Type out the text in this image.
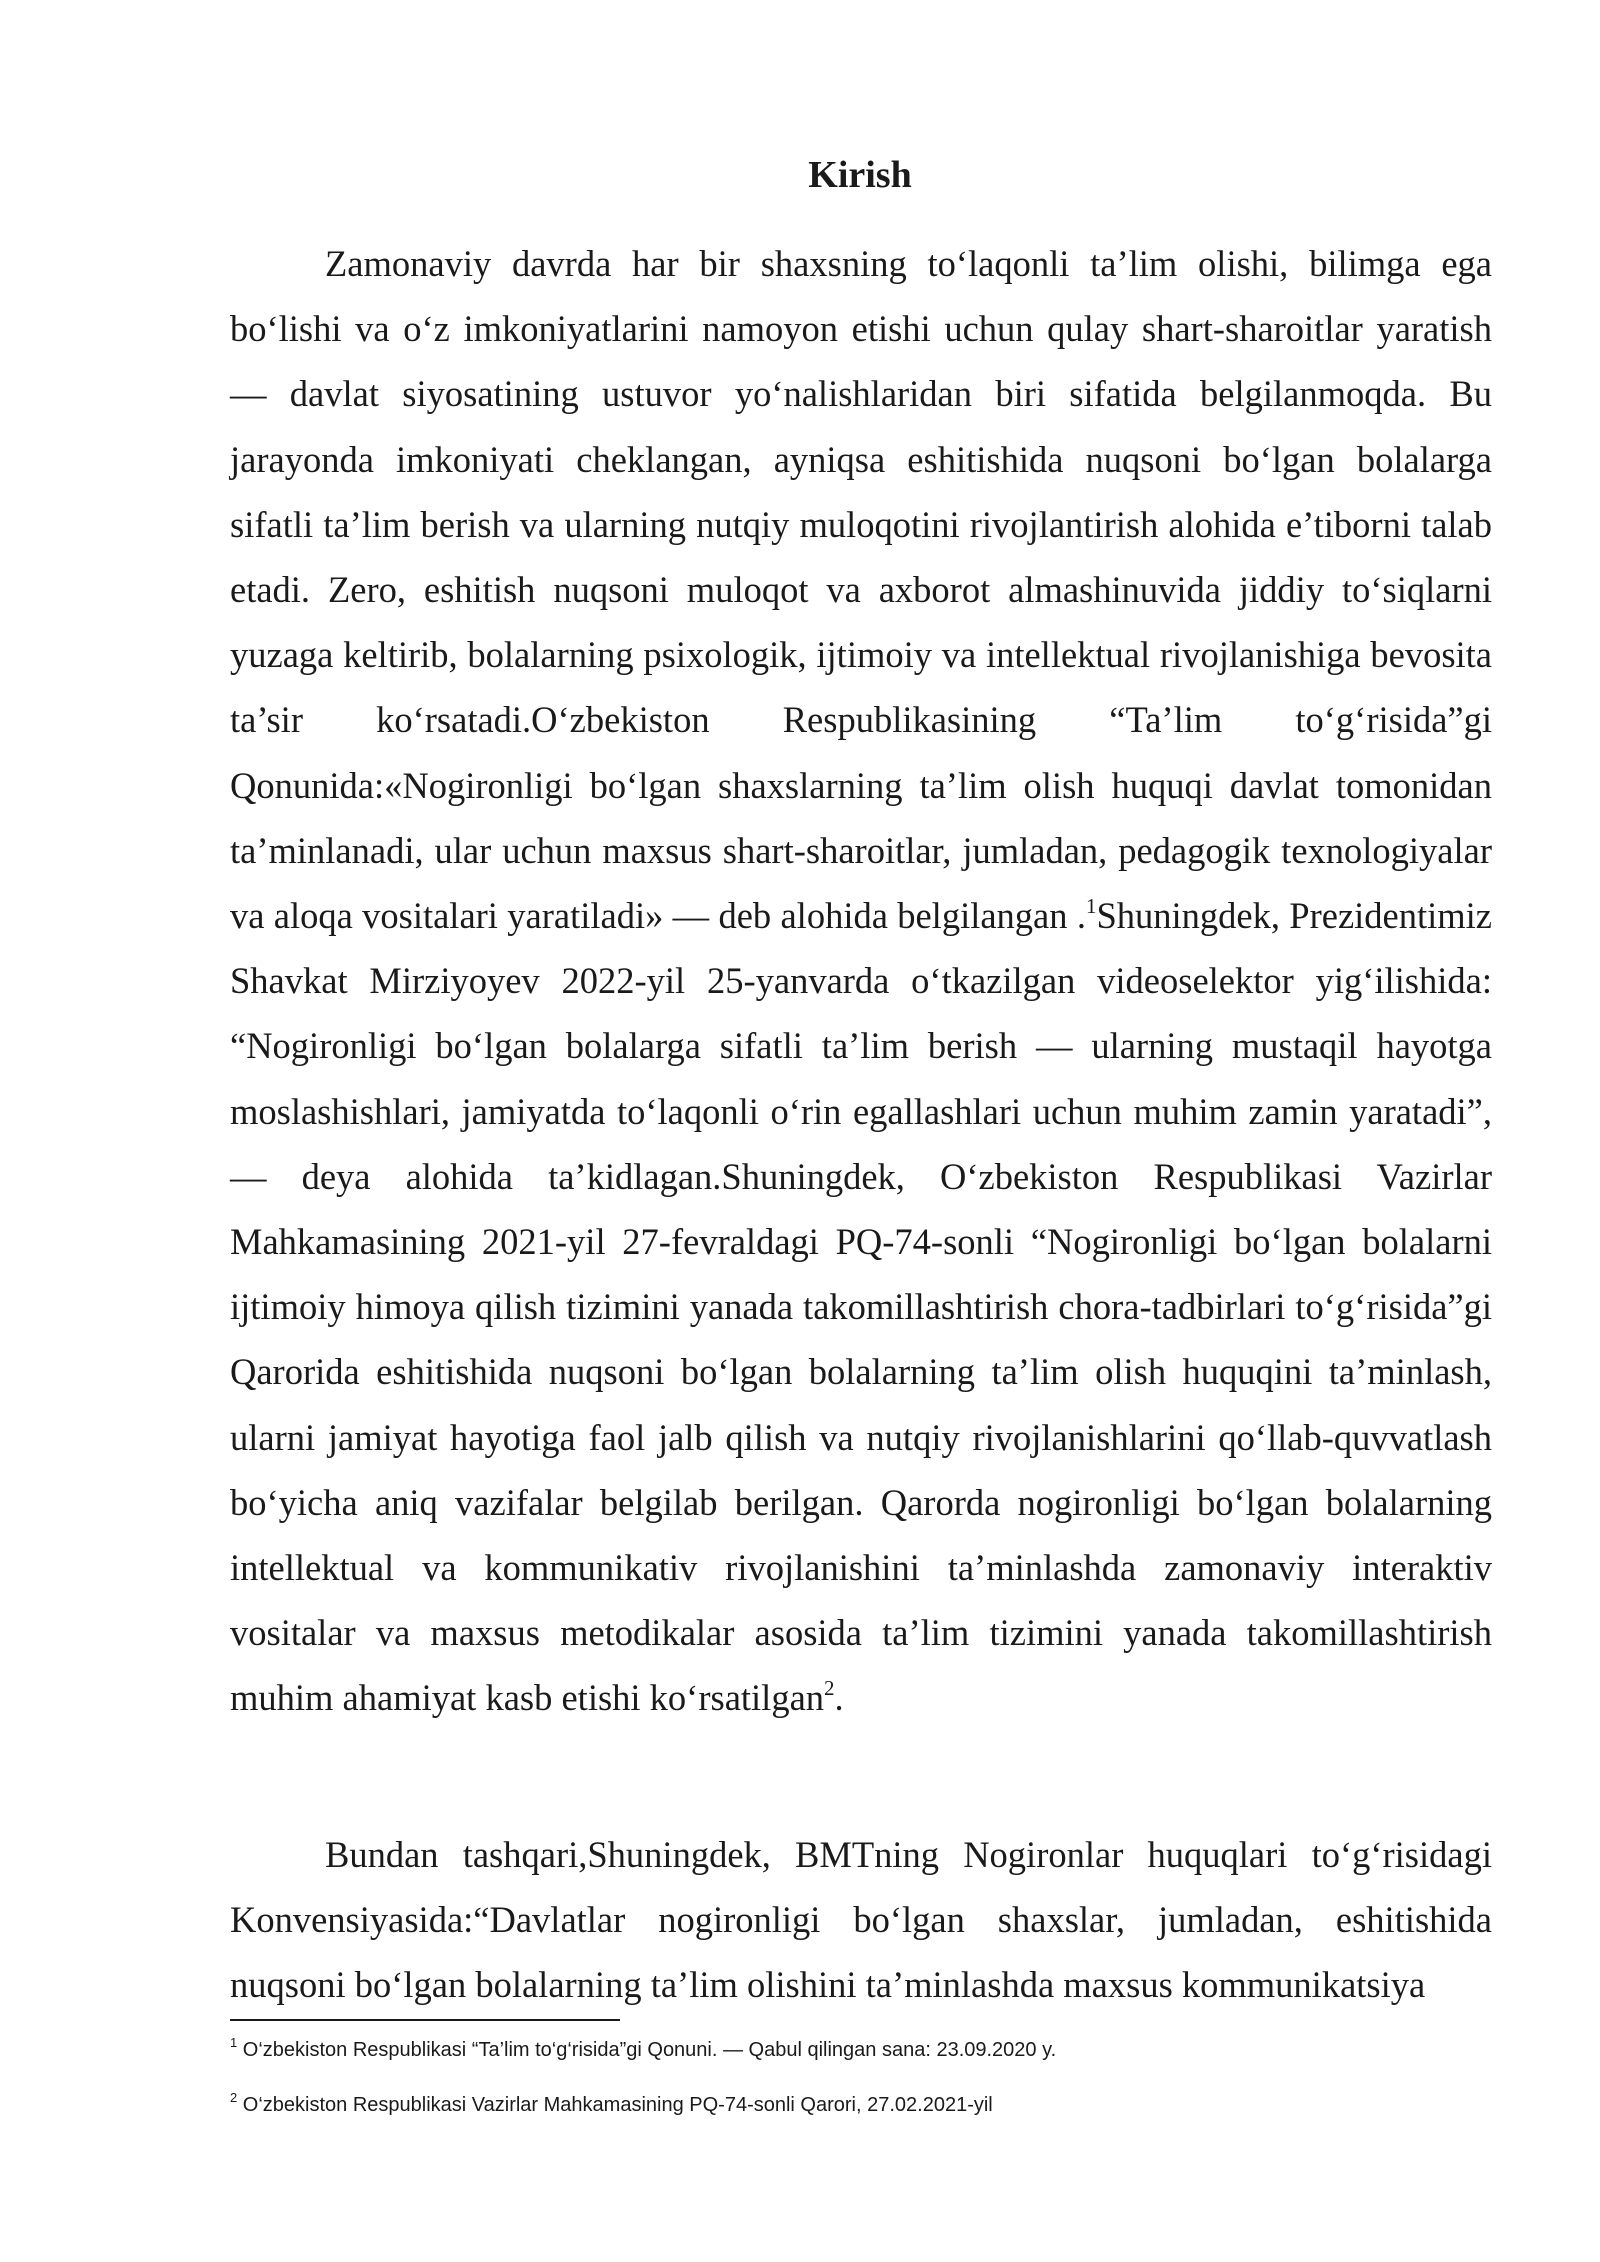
Kirish

Zamonaviy davrda har bir shaxsning to‘laqonli ta’lim olishi, bilimga ega bo‘lishi va o‘z imkoniyatlarini namoyon etishi uchun qulay shart-sharoitlar yaratish — davlat siyosatining ustuvor yo‘nalishlaridan biri sifatida belgilanmoqda. Bu jarayonda imkoniyati cheklangan, ayniqsa eshitishida nuqsoni bo‘lgan bolalarga sifatli ta’lim berish va ularning nutqiy muloqotini rivojlantirish alohida e’tiborni talab etadi. Zero, eshitish nuqsoni muloqot va axborot almashinuvida jiddiy to‘siqlarni yuzaga keltirib, bolalarning psixologik, ijtimoiy va intellektual rivojlanishiga bevosita ta’sir ko‘rsatadi.O‘zbekiston Respublikasining “Ta’lim to‘g‘risida”gi Qonunida:«Nogironligi bo‘lgan shaxslarning ta’lim olish huquqi davlat tomonidan ta’minlanadi, ular uchun maxsus shart-sharoitlar, jumladan, pedagogik texnologiyalar va aloqa vositalari yaratiladi» — deb alohida belgilangan .$^1$Shuningdek, Prezidentimiz Shavkat Mirziyoyev 2022-yil 25-yanvarda o‘tkazilgan videoselektor yig‘ilishida: “Nogironligi bo‘lgan bolalarga sifatli ta’lim berish — ularning mustaqil hayotga moslashishlari, jamiyatda to‘laqonli o‘rin egallashlari uchun muhim zamin yaratadi”, — deya alohida ta’kidlagan.Shuningdek, O‘zbekiston Respublikasi Vazirlar Mahkamasining 2021-yil 27-fevraldagi PQ-74-sonli “Nogironligi bo‘lgan bolalarni ijtimoiy himoya qilish tizimini yanada takomillashtirish chora-tadbirlari to‘g‘risida”gi Qarorida eshitishida nuqsoni bo‘lgan bolalarning ta’lim olish huquqini ta’minlash, ularni jamiyat hayotiga faol jalb qilish va nutqiy rivojlanishlarini qo‘llab-quvvatlash bo‘yicha aniq vazifalar belgilab berilgan. Qarorda nogironligi bo‘lgan bolalarning intellektual va kommunikativ rivojlanishini ta’minlashda zamonaviy interaktiv vositalar va maxsus metodikalar asosida ta’lim tizimini yanada takomillashtirish muhim ahamiyat kasb etishi ko‘rsatilgan$^2$.

Bundan tashqari,Shuningdek, BMTning Nogironlar huquqlari to‘g‘risidagi Konvensiyasida:“Davlatlar nogironligi bo‘lgan shaxslar, jumladan, eshitishida nuqsoni bo‘lgan bolalarning ta’lim olishini ta’minlashda maxsus kommunikatsiya

$^1$ O‘zbekiston Respublikasi “Ta’lim to‘g‘risida”gi Qonuni. — Qabul qilingan sana: 23.09.2020 y.

$^2$ O‘zbekiston Respublikasi Vazirlar Mahkamasining PQ-74-sonli Qarori, 27.02.2021-yil
